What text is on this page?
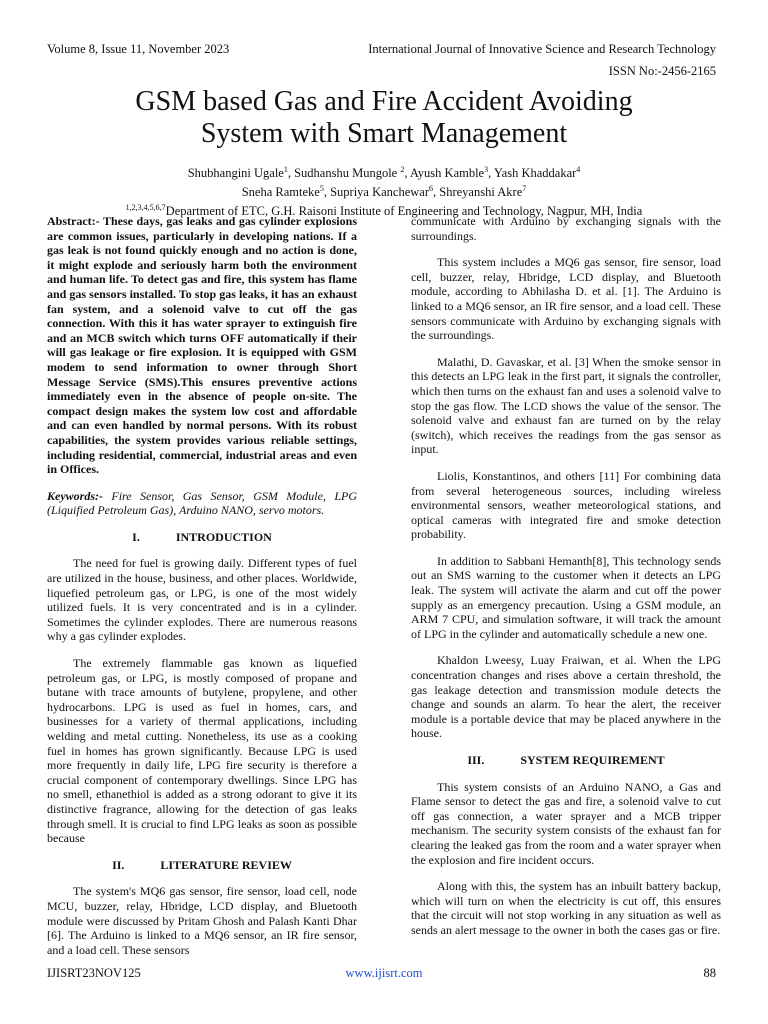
Volume 8, Issue 11, November 2023	International Journal of Innovative Science and Research Technology
ISSN No:-2456-2165
GSM based Gas and Fire Accident Avoiding
System with Smart Management
Shubhangini Ugale$^1$, Sudhanshu Mungole $^2$, Ayush Kamble$^3$, Yash Khaddakar$^4$
Sneha Ramteke$^5$, Supriya Kanchewar$^6$, Shreyanshi Akre$^7$
$^{1,2,3,4,5,6,7}$Department of ETC, G.H. Raisoni Institute of Engineering and Technology, Nagpur, MH, India

Abstract:- These days, gas leaks and gas cylinder explosions are common issues, particularly in developing nations. If a gas leak is not found quickly enough and no action is done, it might explode and seriously harm both the environment and human life. To detect gas and fire, this system has flame and gas sensors installed. To stop gas leaks, it has an exhaust fan system, and a solenoid valve to cut off the gas connection. With this it has water sprayer to extinguish fire and an MCB switch which turns OFF automatically if their will gas leakage or fire explosion. It is equipped with GSM modem to send information to owner through Short Message Service (SMS).This ensures preventive actions immediately even in the absence of people on-site. The compact design makes the system low cost and affordable and can even handled by normal persons. With its robust capabilities, the system provides various reliable settings, including residential, commercial, industrial areas and even in Offices.

Keywords:- Fire Sensor, Gas Sensor, GSM Module, LPG (Liquified Petroleum Gas), Arduino NANO, servo motors.

I.	INTRODUCTION

The need for fuel is growing daily. Different types of fuel are utilized in the house, business, and other places. Worldwide, liquefied petroleum gas, or LPG, is one of the most widely utilized fuels. It is very concentrated and is in a cylinder. Sometimes the cylinder explodes. There are numerous reasons why a gas cylinder explodes.

The extremely flammable gas known as liquefied petroleum gas, or LPG, is mostly composed of propane and butane with trace amounts of butylene, propylene, and other hydrocarbons. LPG is used as fuel in homes, cars, and businesses for a variety of thermal applications, including welding and metal cutting. Nonetheless, its use as a cooking fuel in homes has grown significantly. Because LPG is used more frequently in daily life, LPG fire security is therefore a crucial component of contemporary dwellings. Since LPG has no smell, ethanethiol is added as a strong odorant to give it its distinctive fragrance, allowing for the detection of gas leaks through smell. It is crucial to find LPG leaks as soon as possible because

II.	LITERATURE REVIEW

The system's MQ6 gas sensor, fire sensor, load cell, node MCU, buzzer, relay, Hbridge, LCD display, and Bluetooth module were discussed by Pritam Ghosh and Palash Kanti Dhar [6]. The Arduino is linked to a MQ6 sensor, an IR fire sensor, and a load cell. These sensors

communicate with Arduino by exchanging signals with the surroundings.

This system includes a MQ6 gas sensor, fire sensor, load cell, buzzer, relay, Hbridge, LCD display, and Bluetooth module, according to Abhilasha D. et al. [1]. The Arduino is linked to a MQ6 sensor, an IR fire sensor, and a load cell. These sensors communicate with Arduino by exchanging signals with the surroundings.

Malathi, D. Gavaskar, et al. [3] When the smoke sensor in this detects an LPG leak in the first part, it signals the controller, which then turns on the exhaust fan and uses a solenoid valve to stop the gas flow. The LCD shows the value of the sensor. The solenoid valve and exhaust fan are turned on by the relay (switch), which receives the readings from the gas sensor as input.

Liolis, Konstantinos, and others [11] For combining data from several heterogeneous sources, including wireless environmental sensors, weather meteorological stations, and optical cameras with integrated fire and smoke detection probability.

In addition to Sabbani Hemanth[8], This technology sends out an SMS warning to the customer when it detects an LPG leak. The system will activate the alarm and cut off the power supply as an emergency precaution. Using a GSM module, an ARM 7 CPU, and simulation software, it will track the amount of LPG in the cylinder and automatically schedule a new one.

Khaldon Lweesy, Luay Fraiwan, et al. When the LPG concentration changes and rises above a certain threshold, the gas leakage detection and transmission module detects the change and sounds an alarm. To hear the alert, the receiver module is a portable device that may be placed anywhere in the house.

III.	SYSTEM REQUIREMENT

This system consists of an Arduino NANO, a Gas and Flame sensor to detect the gas and fire, a solenoid valve to cut off gas connection, a water sprayer and a MCB tripper mechanism. The security system consists of the exhaust fan for clearing the leaked gas from the room and a water sprayer when the explosion and fire incident occurs.

Along with this, the system has an inbuilt battery backup, which will turn on when the electricity is cut off, this ensures that the circuit will not stop working in any situation as well as sends an alert message to the owner in both the cases gas or fire.

IJISRT23NOV125	www.ijisrt.com	88
